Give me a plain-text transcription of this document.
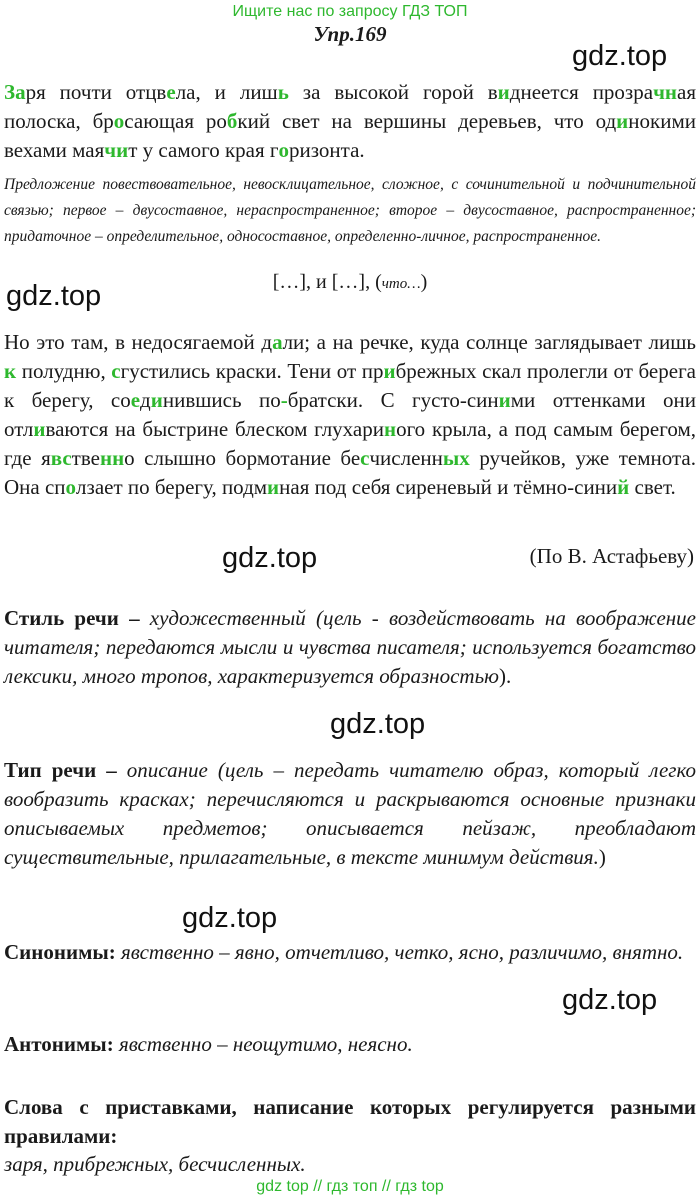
Ищите нас по запросу ГДЗ ТОП
Упр.169
gdz.top

Заря почти отцвела, и лишь за высокой горой виднеется прозрачная полоска, бросающая робкий свет на вершины деревьев, что одинокими вехами маячит у самого края горизонта.

Предложение повествовательное, невосклицательное, сложное, с сочинительной и подчинительной связью; первое – двусоставное, нераспространенное; второе – двусоставное, распространенное; придаточное – определительное, односоставное, определенно-личное, распространенное.

[…], и […], (что…)
gdz.top

Но это там, в недосягаемой дали; а на речке, куда солнце заглядывает лишь к полудню, сгустились краски. Тени от прибрежных скал пролегли от берега к берегу, соединившись по-братски. С густо-синими оттенками они отливаются на быстрине блеском глухариного крыла, а под самым берегом, где явственно слышно бормотание бесчисленных ручейков, уже темнота. Она сползает по берегу, подминая под себя сиреневый и тёмно-синий свет.

gdz.top	(По В. Астафьеву)

Стиль речи – художественный (цель - воздействовать на воображение читателя; передаются мысли и чувства писателя; используется богатство лексики, много тропов, характеризуется образностью).

gdz.top

Тип речи – описание (цель – передать читателю образ, который легко вообразить красках; перечисляются и раскрываются основные признаки описываемых предметов; описывается пейзаж, преобладают существительные, прилагательные, в тексте минимум действия.)

gdz.top

Синонимы: явственно – явно, отчетливо, четко, ясно, различимо, внятно.

gdz.top

Антонимы: явственно – неощутимо, неясно.

Слова с приставками, написание которых регулируется разными правилами:

заря, прибрежных, бесчисленных.

gdz top // гдз топ // гдз top
